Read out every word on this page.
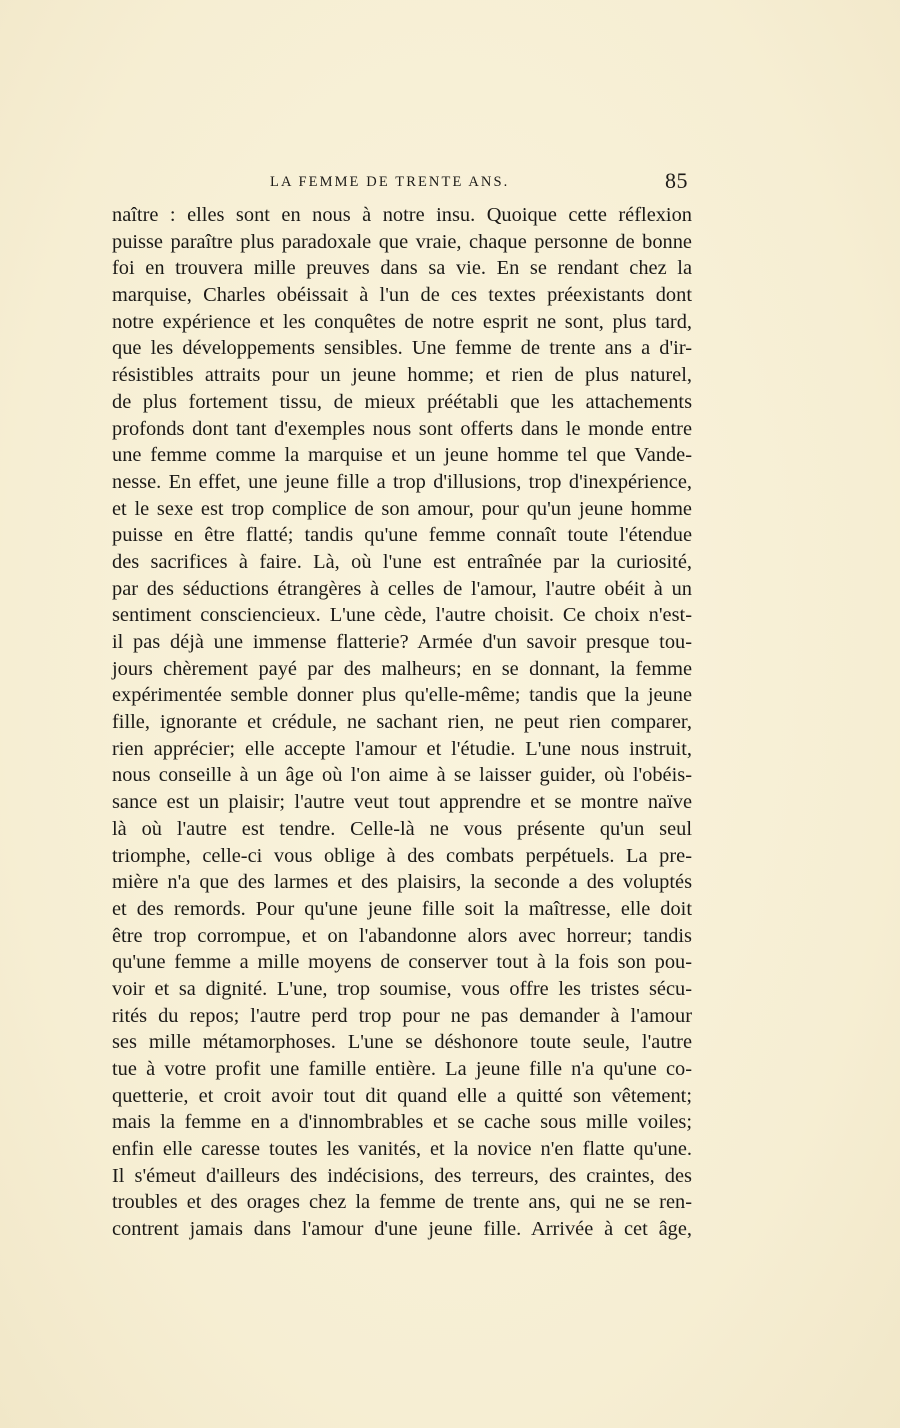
LA FEMME DE TRENTE ANS.	85
naître : elles sont en nous à notre insu. Quoique cette réflexion
puisse paraître plus paradoxale que vraie, chaque personne de bonne
foi en trouvera mille preuves dans sa vie. En se rendant chez la
marquise, Charles obéissait à l'un de ces textes préexistants dont
notre expérience et les conquêtes de notre esprit ne sont, plus tard,
que les développements sensibles. Une femme de trente ans a d'ir-
résistibles attraits pour un jeune homme; et rien de plus naturel,
de plus fortement tissu, de mieux préétabli que les attachements
profonds dont tant d'exemples nous sont offerts dans le monde entre
une femme comme la marquise et un jeune homme tel que Vande-
nesse. En effet, une jeune fille a trop d'illusions, trop d'inexpérience,
et le sexe est trop complice de son amour, pour qu'un jeune homme
puisse en être flatté; tandis qu'une femme connaît toute l'étendue
des sacrifices à faire. Là, où l'une est entraînée par la curiosité,
par des séductions étrangères à celles de l'amour, l'autre obéit à un
sentiment consciencieux. L'une cède, l'autre choisit. Ce choix n'est-
il pas déjà une immense flatterie? Armée d'un savoir presque tou-
jours chèrement payé par des malheurs; en se donnant, la femme
expérimentée semble donner plus qu'elle-même; tandis que la jeune
fille, ignorante et crédule, ne sachant rien, ne peut rien comparer,
rien apprécier; elle accepte l'amour et l'étudie. L'une nous instruit,
nous conseille à un âge où l'on aime à se laisser guider, où l'obéis-
sance est un plaisir; l'autre veut tout apprendre et se montre naïve
là où l'autre est tendre. Celle-là ne vous présente qu'un seul
triomphe, celle-ci vous oblige à des combats perpétuels. La pre-
mière n'a que des larmes et des plaisirs, la seconde a des voluptés
et des remords. Pour qu'une jeune fille soit la maîtresse, elle doit
être trop corrompue, et on l'abandonne alors avec horreur; tandis
qu'une femme a mille moyens de conserver tout à la fois son pou-
voir et sa dignité. L'une, trop soumise, vous offre les tristes sécu-
rités du repos; l'autre perd trop pour ne pas demander à l'amour
ses mille métamorphoses. L'une se déshonore toute seule, l'autre
tue à votre profit une famille entière. La jeune fille n'a qu'une co-
quetterie, et croit avoir tout dit quand elle a quitté son vêtement;
mais la femme en a d'innombrables et se cache sous mille voiles;
enfin elle caresse toutes les vanités, et la novice n'en flatte qu'une.
Il s'émeut d'ailleurs des indécisions, des terreurs, des craintes, des
troubles et des orages chez la femme de trente ans, qui ne se ren-
contrent jamais dans l'amour d'une jeune fille. Arrivée à cet âge,
